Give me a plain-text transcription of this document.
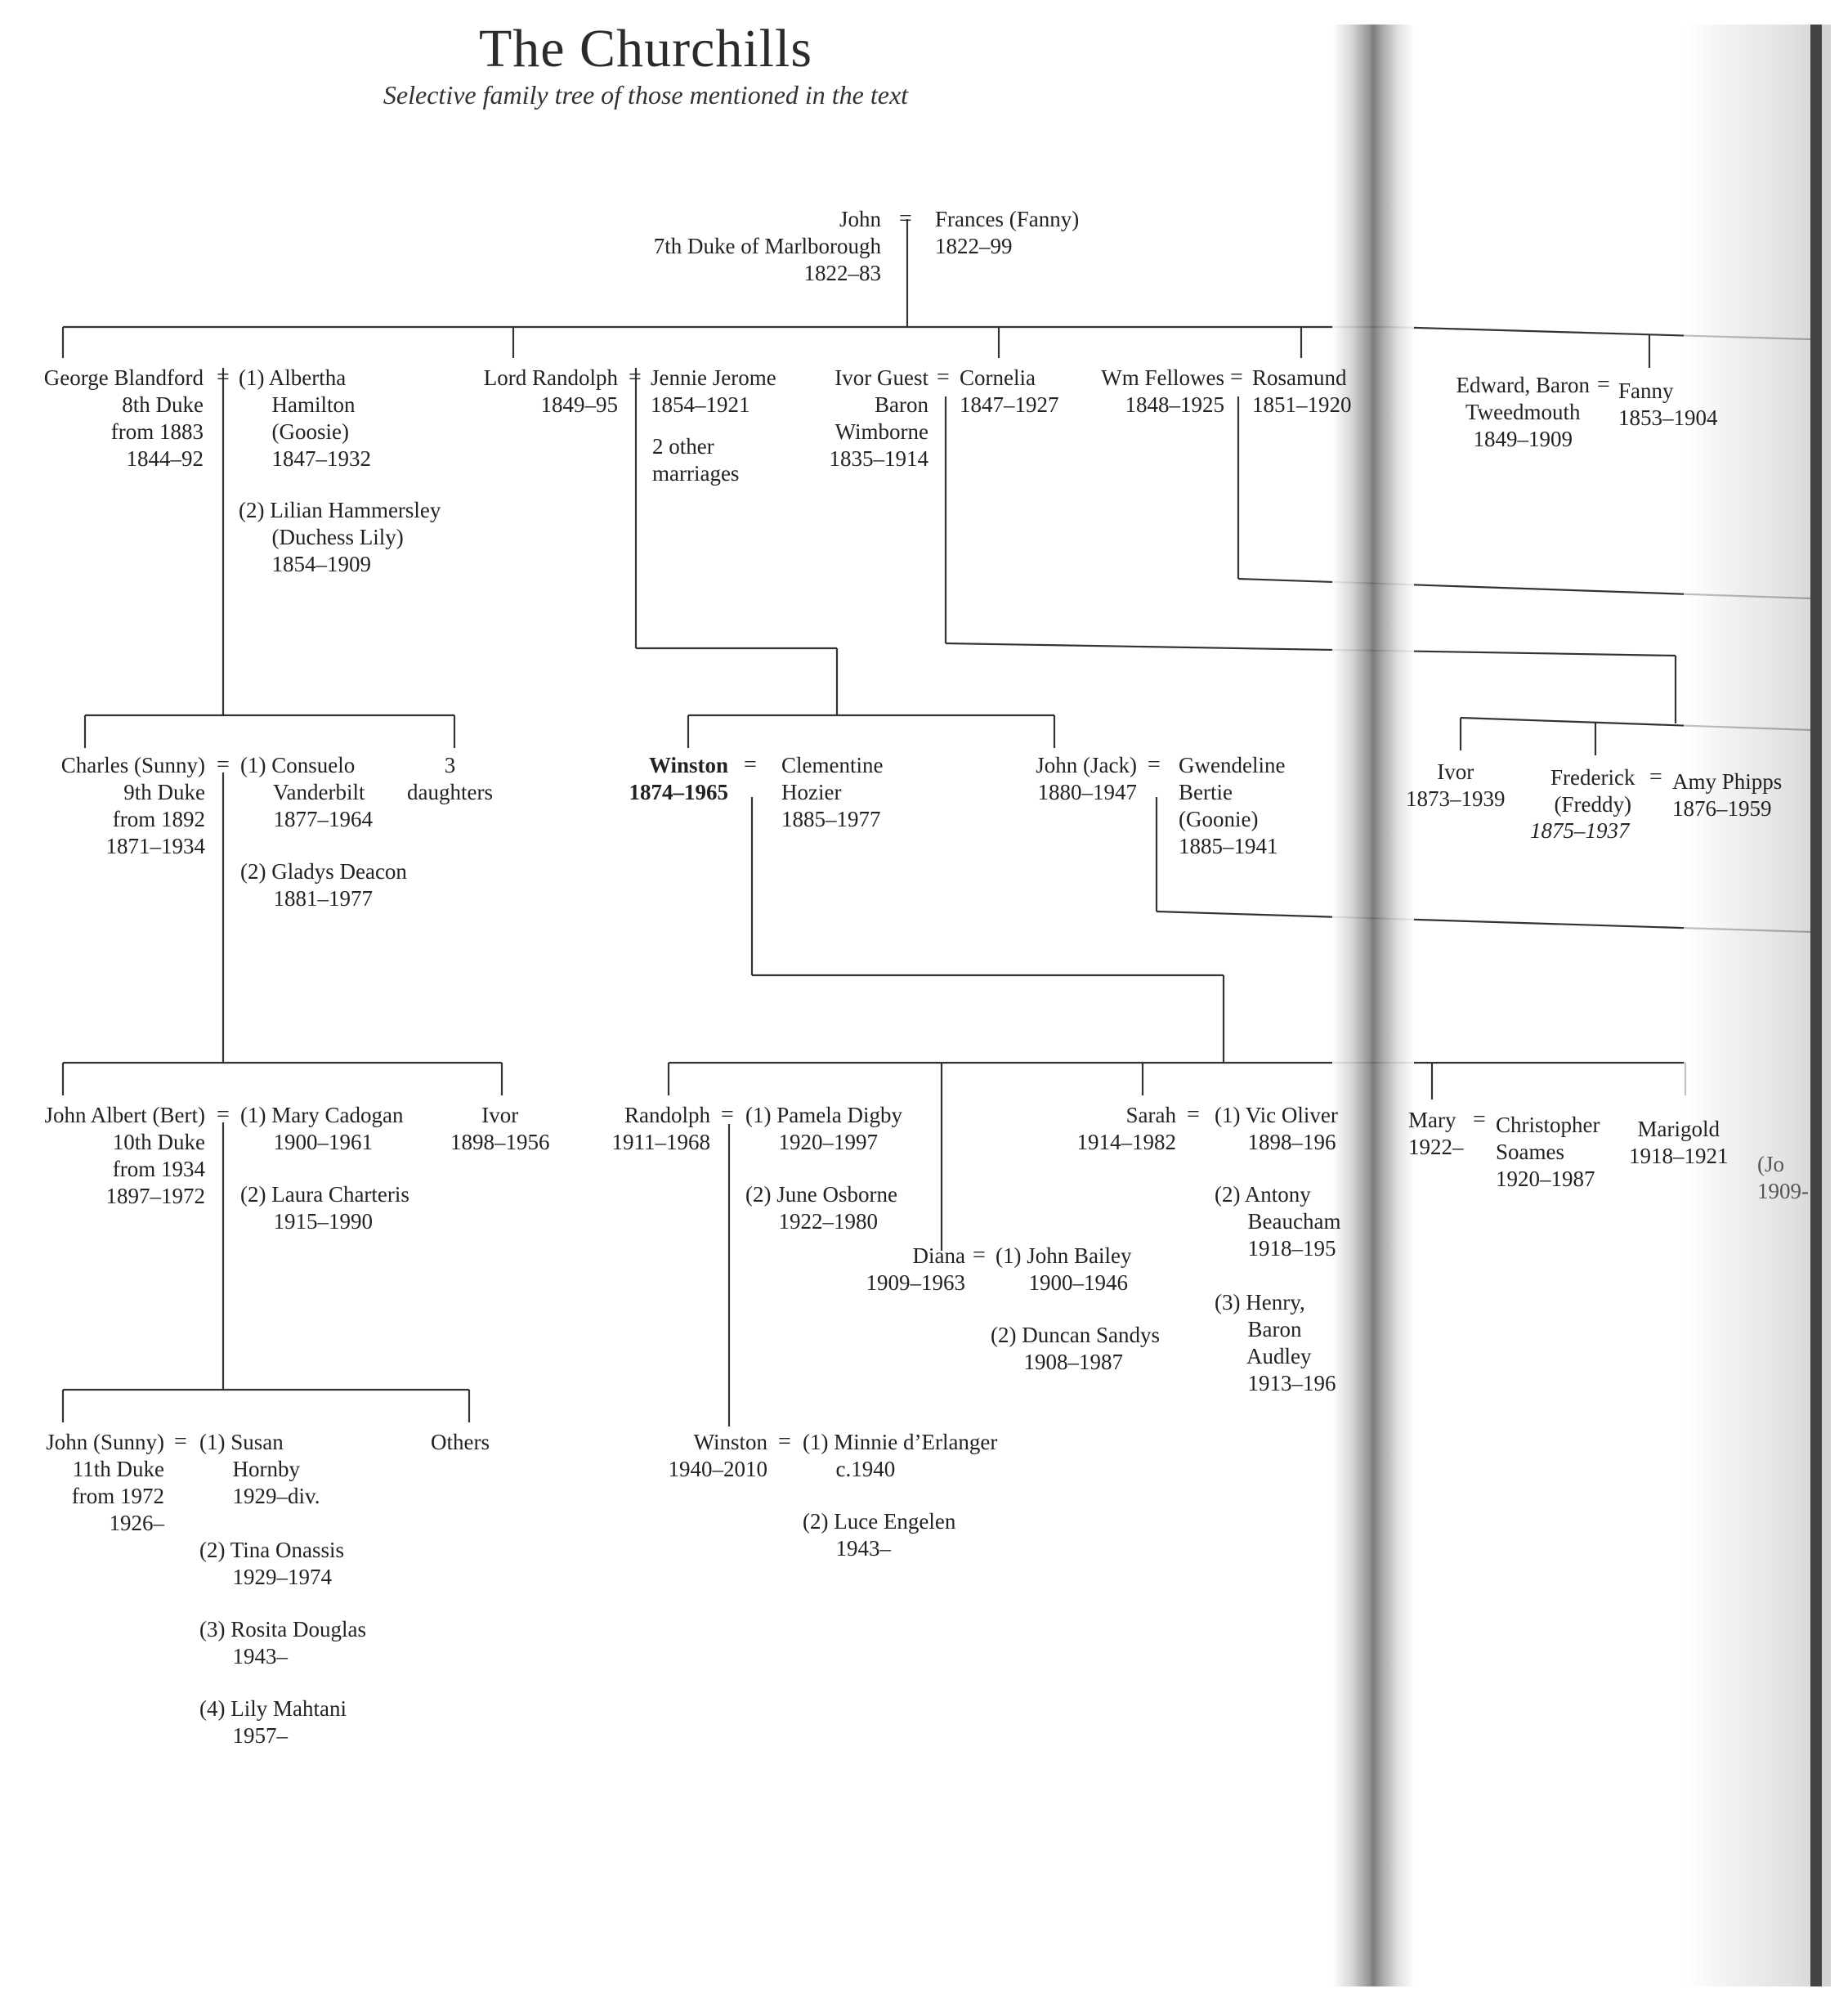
The Churchills
Selective family tree of those mentioned in the text
John
7th Duke of Marlborough
1822–83
= Frances (Fanny)
1822–99
George Blandford
8th Duke
from 1883
1844–92
= (1) Albertha
Hamilton
(Goosie)
1847–1932
(2) Lilian Hammersley
(Duchess Lily)
1854–1909
Lord Randolph
1849–95
= Jennie Jerome
1854–1921
2 other
marriages
Ivor Guest
Baron
Wimborne
1835–1914
= Cornelia
1847–1927
Wm Fellowes
1848–1925
= Rosamund
1851–1920
Edward, Baron
Tweedmouth
1849–1909
= Fanny
1853–1904
Charles (Sunny)
9th Duke
from 1892
1871–1934
= (1) Consuelo
Vanderbilt
1877–1964
(2) Gladys Deacon
1881–1977
3
daughters
Winston
1874–1965
= Clementine
Hozier
1885–1977
John (Jack)
1880–1947
= Gwendeline
Bertie
(Goonie)
1885–1941
Ivor
1873–1939
Frederick
(Freddy)
1875–1937
= Amy Phipps
1876–1959
John Albert (Bert)
10th Duke
from 1934
1897–1972
= (1) Mary Cadogan
1900–1961
(2) Laura Charteris
1915–1990
Ivor
1898–1956
Randolph
1911–1968
= (1) Pamela Digby
1920–1997
(2) June Osborne
1922–1980
Diana
1909–1963
= (1) John Bailey
1900–1946
(2) Duncan Sandys
1908–1987
Sarah
1914–1982
= (1) Vic Oliver
1898–196
(2) Antony
Beaucham
1918–195
(3) Henry,
Baron
Audley
1913–196
Mary
1922–
= Christopher
Soames
1920–1987
Marigold
1918–1921 (Jo
1909-
John (Sunny)
11th Duke
from 1972
1926–
= (1) Susan
Hornby
1929–div.
(2) Tina Onassis
1929–1974
(3) Rosita Douglas
1943–
(4) Lily Mahtani
1957–
Others	Winston
1940–2010
= (1) Minnie d’Erlanger
c.1940
(2) Luce Engelen
1943–
